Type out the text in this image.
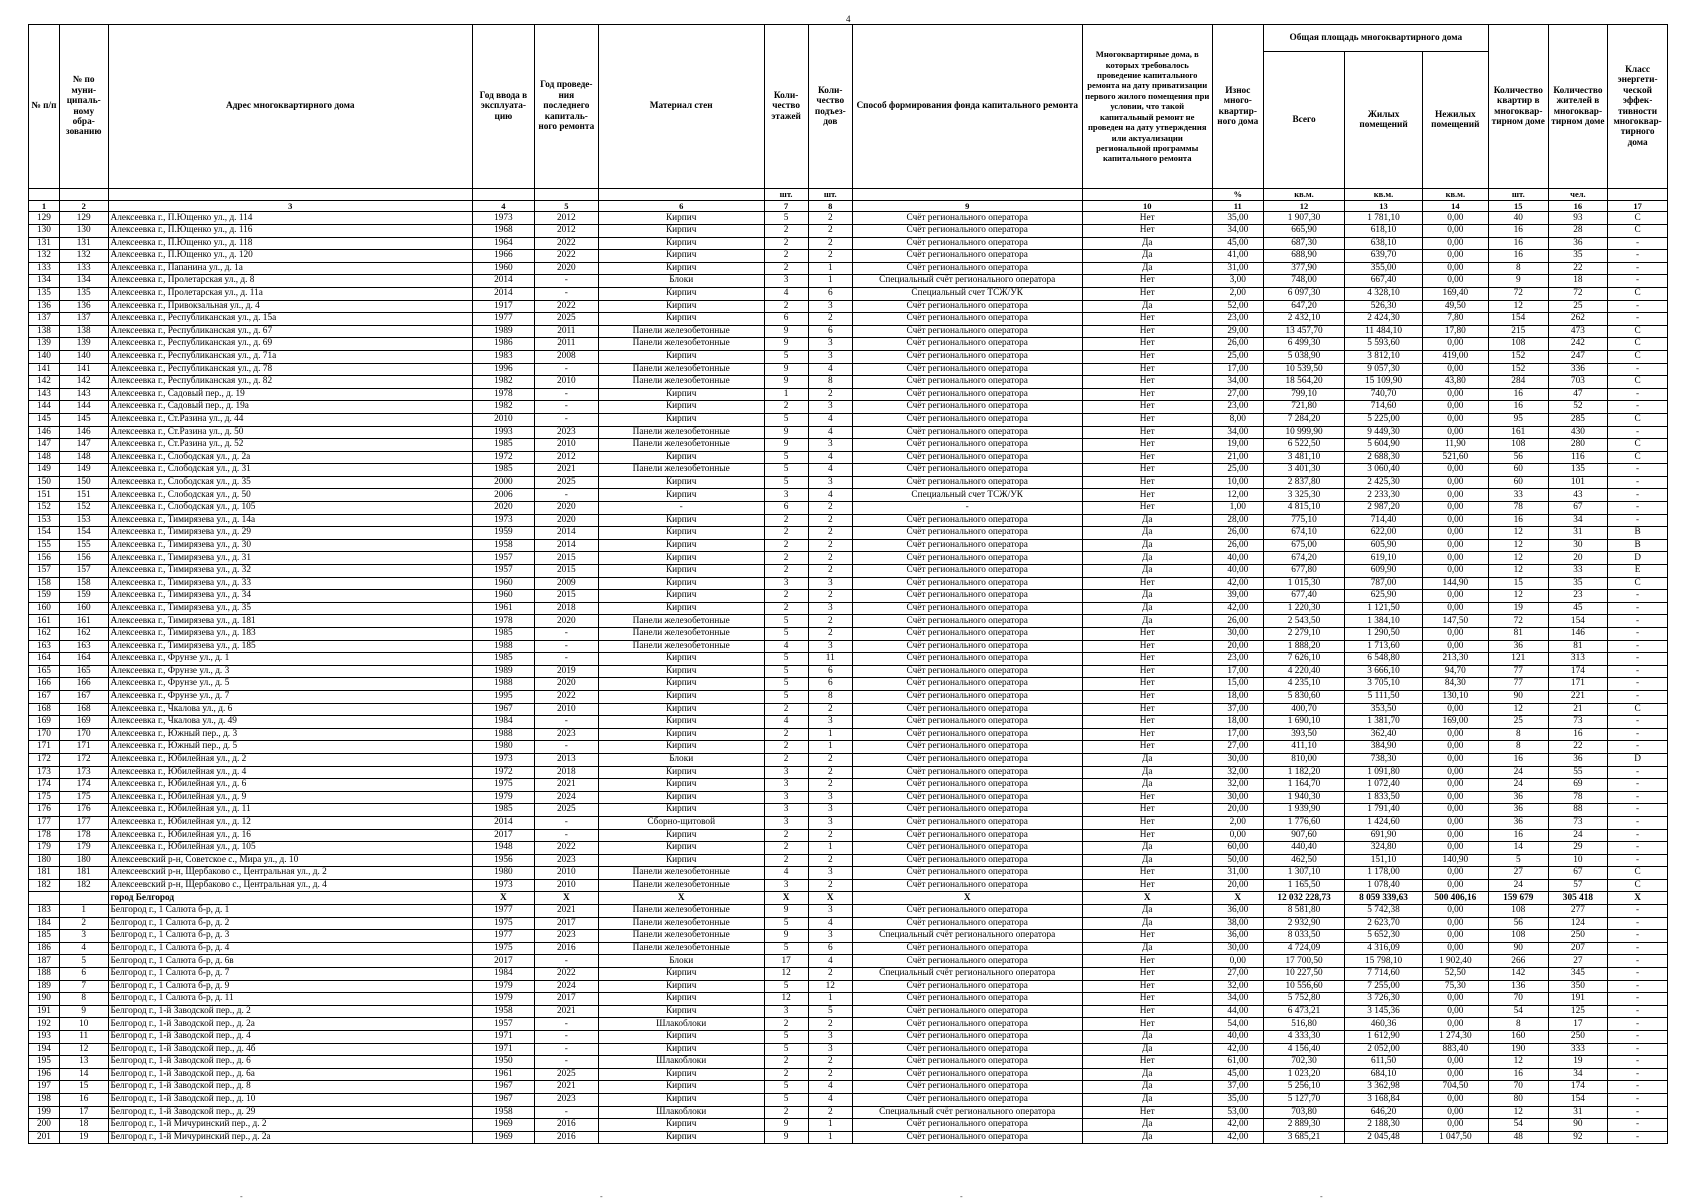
4
№ п/п	№ по муни-ципаль-ному обра-зованию	Адрес многоквартирного дома	Год ввода в эксплуата-цию	Год проведе-ния последнего капиталь-ного ремонта	Материал стен	Коли-чество этажей	Коли-чество подъез-дов	Способ формирования фонда капитального ремонта	Многоквартирные дома, в которых требовалось проведение капитального ремонта на дату приватизации первого жилого помещения при условии, что такой капитальный ремонт не проведен на дату утверждения или актуализации региональной программы капитального ремонта	Износ много-квартир-ного дома	Общая площадь многоквартирного дома			Количество квартир в многоквар-тирном доме	Количество жителей в многоквар-тирном доме	Класс энергети-ческой эффек-тивности многоквар-тирного дома
											Всего	Жилых помещений	Нежилых помещений			
						шт.	шт.			%	кв.м.	кв.м.	кв.м.	шт.	чел.	
1	2	3	4	5	6	7	8	9	10	11	12	13	14	15	16	17
129	129	Алексеевка г., П.Ющенко ул., д. 114	1973	2012	Кирпич	5	2	Счёт регионального оператора	Нет	35,00	1 907,30	1 781,10	0,00	40	93	C
130	130	Алексеевка г., П.Ющенко ул., д. 116	1968	2012	Кирпич	2	2	Счёт регионального оператора	Нет	34,00	665,90	618,10	0,00	16	28	C
131	131	Алексеевка г., П.Ющенко ул., д. 118	1964	2022	Кирпич	2	2	Счёт регионального оператора	Да	45,00	687,30	638,10	0,00	16	36	-
132	132	Алексеевка г., П.Ющенко ул., д. 120	1966	2022	Кирпич	2	2	Счёт регионального оператора	Да	41,00	688,90	639,70	0,00	16	35	-
133	133	Алексеевка г., Папанина ул., д. 1а	1960	2020	Кирпич	2	1	Счёт регионального оператора	Да	31,00	377,90	355,00	0,00	8	22	-
134	134	Алексеевка г., Пролетарская ул., д. 8	2014	-	Блоки	3	1	Специальный счёт регионального оператора	Нет	3,00	748,00	667,40	0,00	9	18	-
135	135	Алексеевка г., Пролетарская ул., д. 11а	2014	-	Кирпич	4	6	Специальный счет ТСЖ/УК	Нет	2,00	6 097,30	4 328,10	169,40	72	72	C
136	136	Алексеевка г., Привокзальная ул., д. 4	1917	2022	Кирпич	2	3	Счёт регионального оператора	Да	52,00	647,20	526,30	49,50	12	25	-
137	137	Алексеевка г., Республиканская ул., д. 15а	1977	2025	Кирпич	6	2	Счёт регионального оператора	Нет	23,00	2 432,10	2 424,30	7,80	154	262	-
138	138	Алексеевка г., Республиканская ул., д. 67	1989	2011	Панели железобетонные	9	6	Счёт регионального оператора	Нет	29,00	13 457,70	11 484,10	17,80	215	473	C
139	139	Алексеевка г., Республиканская ул., д. 69	1986	2011	Панели железобетонные	9	3	Счёт регионального оператора	Нет	26,00	6 499,30	5 593,60	0,00	108	242	C
140	140	Алексеевка г., Республиканская ул., д. 71а	1983	2008	Кирпич	5	3	Счёт регионального оператора	Нет	25,00	5 038,90	3 812,10	419,00	152	247	C
141	141	Алексеевка г., Республиканская ул., д. 78	1996	-	Панели железобетонные	9	4	Счёт регионального оператора	Нет	17,00	10 539,50	9 057,30	0,00	152	336	-
142	142	Алексеевка г., Республиканская ул., д. 82	1982	2010	Панели железобетонные	9	8	Счёт регионального оператора	Нет	34,00	18 564,20	15 109,90	43,80	284	703	C
143	143	Алексеевка г., Садовый пер., д. 19	1978	-	Кирпич	1	2	Счёт регионального оператора	Нет	27,00	799,10	740,70	0,00	16	47	-
144	144	Алексеевка г., Садовый пер., д. 19а	1982	-	Кирпич	2	3	Счёт регионального оператора	Нет	23,00	721,80	714,60	0,00	16	52	-
145	145	Алексеевка г., Ст.Разина ул., д. 44	2010	-	Кирпич	5	4	Счёт регионального оператора	Нет	8,00	7 284,20	5 225,00	0,00	95	285	C
146	146	Алексеевка г., Ст.Разина ул., д. 50	1993	2023	Панели железобетонные	9	4	Счёт регионального оператора	Нет	34,00	10 999,90	9 449,30	0,00	161	430	-
147	147	Алексеевка г., Ст.Разина ул., д. 52	1985	2010	Панели железобетонные	9	3	Счёт регионального оператора	Нет	19,00	6 522,50	5 604,90	11,90	108	280	C
148	148	Алексеевка г., Слободская ул., д. 2а	1972	2012	Кирпич	5	4	Счёт регионального оператора	Нет	21,00	3 481,10	2 688,30	521,60	56	116	C
149	149	Алексеевка г., Слободская ул., д. 31	1985	2021	Панели железобетонные	5	4	Счёт регионального оператора	Нет	25,00	3 401,30	3 060,40	0,00	60	135	-
150	150	Алексеевка г., Слободская ул., д. 35	2000	2025	Кирпич	5	3	Счёт регионального оператора	Нет	10,00	2 837,80	2 425,30	0,00	60	101	-
151	151	Алексеевка г., Слободская ул., д. 50	2006	-	Кирпич	3	4	Специальный счет ТСЖ/УК	Нет	12,00	3 325,30	2 233,30	0,00	33	43	-
152	152	Алексеевка г., Слободская ул., д. 105	2020	2020	-	6	2	-	Нет	1,00	4 815,10	2 987,20	0,00	78	67	-
153	153	Алексеевка г., Тимирязева ул., д. 14а	1973	2020	Кирпич	2	2	Счёт регионального оператора	Да	28,00	775,10	714,40	0,00	16	34	-
154	154	Алексеевка г., Тимирязева ул., д. 29	1959	2014	Кирпич	2	2	Счёт регионального оператора	Да	26,00	674,10	622,00	0,00	12	31	B
155	155	Алексеевка г., Тимирязева ул., д. 30	1958	2014	Кирпич	2	2	Счёт регионального оператора	Да	26,00	675,00	605,90	0,00	12	30	B
156	156	Алексеевка г., Тимирязева ул., д. 31	1957	2015	Кирпич	2	2	Счёт регионального оператора	Да	40,00	674,20	619,10	0,00	12	20	D
157	157	Алексеевка г., Тимирязева ул., д. 32	1957	2015	Кирпич	2	2	Счёт регионального оператора	Да	40,00	677,80	609,90	0,00	12	33	E
158	158	Алексеевка г., Тимирязева ул., д. 33	1960	2009	Кирпич	3	3	Счёт регионального оператора	Нет	42,00	1 015,30	787,00	144,90	15	35	C
159	159	Алексеевка г., Тимирязева ул., д. 34	1960	2015	Кирпич	2	2	Счёт регионального оператора	Да	39,00	677,40	625,90	0,00	12	23	-
160	160	Алексеевка г., Тимирязева ул., д. 35	1961	2018	Кирпич	2	3	Счёт регионального оператора	Да	42,00	1 220,30	1 121,50	0,00	19	45	-
161	161	Алексеевка г., Тимирязева ул., д. 181	1978	2020	Панели железобетонные	5	2	Счёт регионального оператора	Да	26,00	2 543,50	1 384,10	147,50	72	154	-
162	162	Алексеевка г., Тимирязева ул., д. 183	1985	-	Панели железобетонные	5	2	Счёт регионального оператора	Нет	30,00	2 279,10	1 290,50	0,00	81	146	-
163	163	Алексеевка г., Тимирязева ул., д. 185	1988	-	Панели железобетонные	4	3	Счёт регионального оператора	Нет	20,00	1 888,20	1 713,60	0,00	36	81	-
164	164	Алексеевка г., Фрунзе ул., д. 1	1985	-	Кирпич	5	11	Счёт регионального оператора	Нет	23,00	7 626,10	6 548,80	213,30	121	313	-
165	165	Алексеевка г., Фрунзе ул., д. 3	1989	2019	Кирпич	5	6	Счёт регионального оператора	Нет	17,00	4 220,40	3 666,10	94,70	77	174	-
166	166	Алексеевка г., Фрунзе ул., д. 5	1988	2020	Кирпич	5	6	Счёт регионального оператора	Нет	15,00	4 235,10	3 705,10	84,30	77	171	-
167	167	Алексеевка г., Фрунзе ул., д. 7	1995	2022	Кирпич	5	8	Счёт регионального оператора	Нет	18,00	5 830,60	5 111,50	130,10	90	221	-
168	168	Алексеевка г., Чкалова ул., д. 6	1967	2010	Кирпич	2	2	Счёт регионального оператора	Нет	37,00	400,70	353,50	0,00	12	21	C
169	169	Алексеевка г., Чкалова ул., д. 49	1984	-	Кирпич	4	3	Счёт регионального оператора	Нет	18,00	1 690,10	1 381,70	169,00	25	73	-
170	170	Алексеевка г., Южный пер., д. 3	1988	2023	Кирпич	2	1	Счёт регионального оператора	Нет	17,00	393,50	362,40	0,00	8	16	-
171	171	Алексеевка г., Южный пер., д. 5	1980	-	Кирпич	2	1	Счёт регионального оператора	Нет	27,00	411,10	384,90	0,00	8	22	-
172	172	Алексеевка г., Юбилейная ул., д. 2	1973	2013	Блоки	2	2	Счёт регионального оператора	Да	30,00	810,00	738,30	0,00	16	36	D
173	173	Алексеевка г., Юбилейная ул., д. 4	1972	2018	Кирпич	3	2	Счёт регионального оператора	Да	32,00	1 182,20	1 091,80	0,00	24	55	-
174	174	Алексеевка г., Юбилейная ул., д. 6	1975	2021	Кирпич	3	2	Счёт регионального оператора	Да	32,00	1 164,70	1 072,40	0,00	24	69	-
175	175	Алексеевка г., Юбилейная ул., д. 9	1979	2024	Кирпич	3	3	Счёт регионального оператора	Нет	30,00	1 940,30	1 833,50	0,00	36	78	-
176	176	Алексеевка г., Юбилейная ул., д. 11	1985	2025	Кирпич	3	3	Счёт регионального оператора	Нет	20,00	1 939,90	1 791,40	0,00	36	88	-
177	177	Алексеевка г., Юбилейная ул., д. 12	2014	-	Сборно-щитовой	3	3	Счёт регионального оператора	Нет	2,00	1 776,60	1 424,60	0,00	36	73	-
178	178	Алексеевка г., Юбилейная ул., д. 16	2017	-	Кирпич	2	2	Счёт регионального оператора	Нет	0,00	907,60	691,90	0,00	16	24	-
179	179	Алексеевка г., Юбилейная ул., д. 105	1948	2022	Кирпич	2	1	Счёт регионального оператора	Да	60,00	440,40	324,80	0,00	14	29	-
180	180	Алексеевский р-н, Советское с., Мира ул., д. 10	1956	2023	Кирпич	2	2	Счёт регионального оператора	Да	50,00	462,50	151,10	140,90	5	10	-
181	181	Алексеевский р-н, Щербаково с., Центральная ул., д. 2	1980	2010	Панели железобетонные	4	3	Счёт регионального оператора	Нет	31,00	1 307,10	1 178,00	0,00	27	67	C
182	182	Алексеевский р-н, Щербаково с., Центральная ул., д. 4	1973	2010	Панели железобетонные	3	2	Счёт регионального оператора	Нет	20,00	1 165,50	1 078,40	0,00	24	57	C
		город Белгород	X	X	X	X	X	X	X	X	12 032 228,73	8 059 339,63	500 406,16	159 679	305 418	X
183	1	Белгород г., 1 Салюта б-р, д. 1	1977	2021	Панели железобетонные	9	3	Счёт регионального оператора	Да	36,00	8 581,80	5 742,38	0,00	108	277	-
184	2	Белгород г., 1 Салюта б-р, д. 2	1975	2017	Панели железобетонные	5	4	Счёт регионального оператора	Да	38,00	2 932,90	2 623,70	0,00	56	124	-
185	3	Белгород г., 1 Салюта б-р, д. 3	1977	2023	Панели железобетонные	9	3	Специальный счёт регионального оператора	Нет	36,00	8 033,50	5 652,30	0,00	108	250	-
186	4	Белгород г., 1 Салюта б-р, д. 4	1975	2016	Панели железобетонные	5	6	Счёт регионального оператора	Да	30,00	4 724,09	4 316,09	0,00	90	207	-
187	5	Белгород г., 1 Салюта б-р, д. 6в	2017	-	Блоки	17	4	Счёт регионального оператора	Нет	0,00	17 700,50	15 798,10	1 902,40	266	27	-
188	6	Белгород г., 1 Салюта б-р, д. 7	1984	2022	Кирпич	12	2	Специальный счёт регионального оператора	Нет	27,00	10 227,50	7 714,60	52,50	142	345	-
189	7	Белгород г., 1 Салюта б-р, д. 9	1979	2024	Кирпич	5	12	Счёт регионального оператора	Нет	32,00	10 556,60	7 255,00	75,30	136	350	-
190	8	Белгород г., 1 Салюта б-р, д. 11	1979	2017	Кирпич	12	1	Счёт регионального оператора	Нет	34,00	5 752,80	3 726,30	0,00	70	191	-
191	9	Белгород г., 1-й Заводской пер., д. 2	1958	2021	Кирпич	3	5	Счёт регионального оператора	Нет	44,00	6 473,21	3 145,36	0,00	54	125	-
192	10	Белгород г., 1-й Заводской пер., д. 2а	1957	-	Шлакоблоки	2	2	Счёт регионального оператора	Нет	54,00	516,80	460,36	0,00	8	17	-
193	11	Белгород г., 1-й Заводской пер., д. 4	1971	-	Кирпич	5	3	Счёт регионального оператора	Да	40,00	4 333,30	1 612,90	1 274,30	160	250	-
194	12	Белгород г., 1-й Заводской пер., д. 4б	1971	-	Кирпич	5	3	Счёт регионального оператора	Да	42,00	4 156,40	2 052,00	883,40	190	333	-
195	13	Белгород г., 1-й Заводской пер., д. 6	1950	-	Шлакоблоки	2	2	Счёт регионального оператора	Нет	61,00	702,30	611,50	0,00	12	19	-
196	14	Белгород г., 1-й Заводской пер., д. 6а	1961	2025	Кирпич	2	2	Счёт регионального оператора	Да	45,00	1 023,20	684,10	0,00	16	34	-
197	15	Белгород г., 1-й Заводской пер., д. 8	1967	2021	Кирпич	5	4	Счёт регионального оператора	Да	37,00	5 256,10	3 362,98	704,50	70	174	-
198	16	Белгород г., 1-й Заводской пер., д. 10	1967	2023	Кирпич	5	4	Счёт регионального оператора	Да	35,00	5 127,70	3 168,84	0,00	80	154	-
199	17	Белгород г., 1-й Заводской пер., д. 29	1958	-	Шлакоблоки	2	2	Специальный счёт регионального оператора	Нет	53,00	703,80	646,20	0,00	12	31	-
200	18	Белгород г., 1-й Мичуринский пер., д. 2	1969	2016	Кирпич	9	1	Счёт регионального оператора	Да	42,00	2 889,30	2 188,30	0,00	54	90	-
201	19	Белгород г., 1-й Мичуринский пер., д. 2а	1969	2016	Кирпич	9	1	Счёт регионального оператора	Да	42,00	3 685,21	2 045,48	1 047,50	48	92	-
-	-	-	-
